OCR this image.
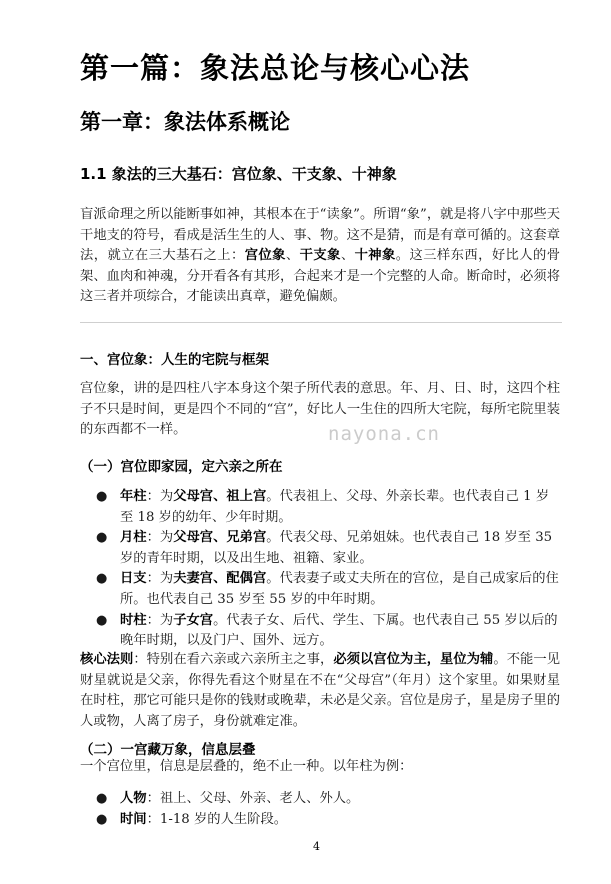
第一篇：象法总论与核心心法
第一章：象法体系概论
1.1 象法的三大基石：宫位象、干支象、十神象

盲派命理之所以能断事如神，其根本在于“读象”。所谓“象”，就是将八字中那些天干地支的符号，看成是活生生的人、事、物。这不是猜，而是有章可循的。这套章法，就立在三大基石之上：宫位象、干支象、十神象。这三样东西，好比人的骨架、血肉和神魂，分开看各有其形，合起来才是一个完整的人命。断命时，必须将这三者并项综合，才能读出真章，避免偏颇。

一、宫位象：人生的宅院与框架

宫位象，讲的是四柱八字本身这个架子所代表的意思。年、月、日、时，这四个柱子不只是时间，更是四个不同的“宫”，好比人一生住的四所大宅院，每所宅院里装的东西都不一样。	nayona.cn
（一）宫位即家园，定六亲之所在
● 年柱：为父母宫、祖上宫。代表祖上、父母、外亲长辈。也代表自己 1 岁至 18 岁的幼年、少年时期。
● 月柱：为父母宫、兄弟宫。代表父母、兄弟姐妹。也代表自己 18 岁至 35 岁的青年时期，以及出生地、祖籍、家业。
● 日支：为夫妻宫、配偶宫。代表妻子或丈夫所在的宫位，是自己成家后的住所。也代表自己 35 岁至 55 岁的中年时期。
● 时柱：为子女宫。代表子女、后代、学生、下属。也代表自己 55 岁以后的晚年时期，以及门户、国外、远方。

核心法则：特别在看六亲或六亲所主之事，必须以宫位为主，星位为辅。不能一见财星就说是父亲，你得先看这个财星在不在“父母宫”（年月）这个家里。如果财星在时柱，那它可能只是你的钱财或晚辈，未必是父亲。宫位是房子，星是房子里的人或物，人离了房子，身份就难定准。

（二）一宫藏万象，信息层叠

一个宫位里，信息是层叠的，绝不止一种。以年柱为例：

● 人物：祖上、父母、外亲、老人、外人。
● 时间：1-18 岁的人生阶段。
4
